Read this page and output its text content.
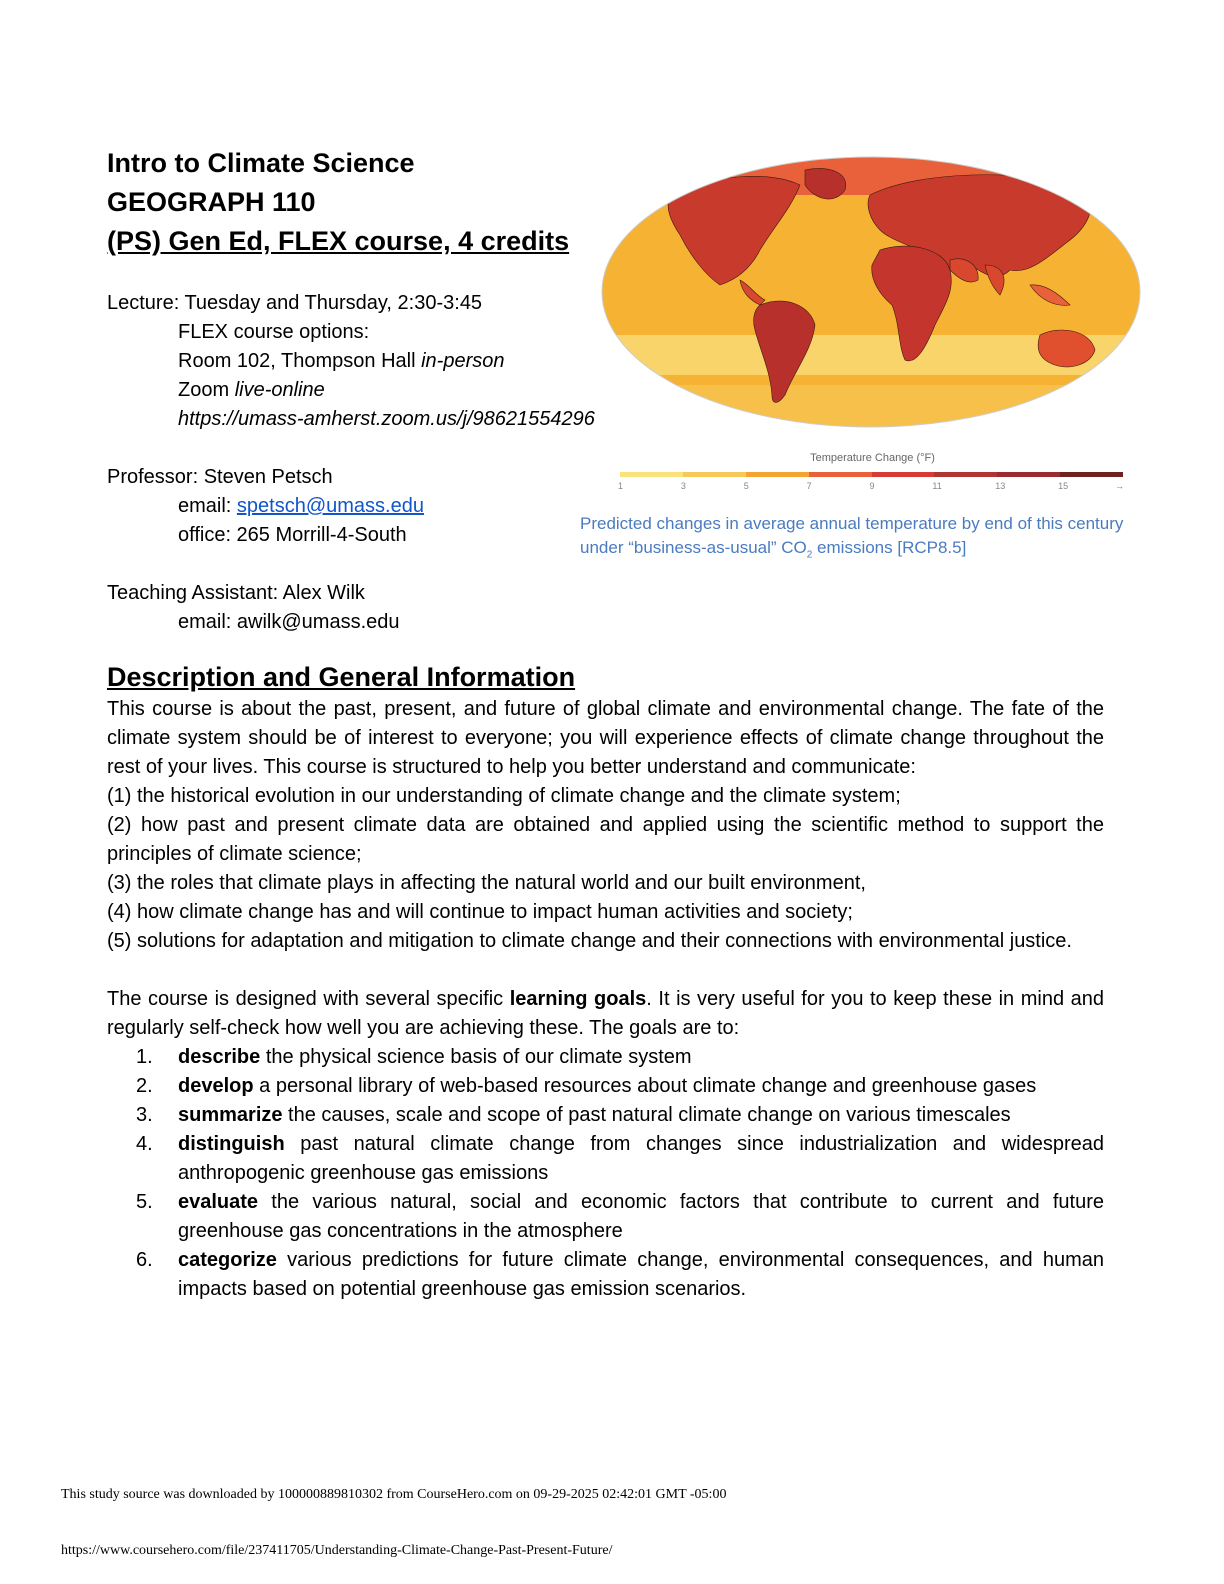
Intro to Climate Science
GEOGRAPH 110
(PS) Gen Ed, FLEX course, 4 credits
Lecture: Tuesday and Thursday, 2:30-3:45
FLEX course options:
Room 102, Thompson Hall in-person
Zoom live-online
https://umass-amherst.zoom.us/j/98621554296
Professor: Steven Petsch
email: spetsch@umass.edu
office: 265 Morrill-4-South
Teaching Assistant: Alex Wilk
email: awilk@umass.edu
Temperature Change (°F)
1	3	5	7	9	11	13	15	→
Predicted changes in average annual temperature by end of this century
under “business-as-usual” $CO_2$ emissions [RCP8.5]
Description and General Information
This course is about the past, present, and future of global climate and environmental change. The fate of the climate system should be of interest to everyone; you will experience effects of climate change throughout the rest of your lives. This course is structured to help you better understand and communicate:
(1) the historical evolution in our understanding of climate change and the climate system;
(2) how past and present climate data are obtained and applied using the scientific method to support the principles of climate science;
(3) the roles that climate plays in affecting the natural world and our built environment,
(4) how climate change has and will continue to impact human activities and society;
(5) solutions for adaptation and mitigation to climate change and their connections with environmental justice.
The course is designed with several specific learning goals. It is very useful for you to keep these in mind and regularly self-check how well you are achieving these. The goals are to:
1.	describe the physical science basis of our climate system
2.	develop a personal library of web-based resources about climate change and greenhouse gases
3.	summarize the causes, scale and scope of past natural climate change on various timescales
4.	distinguish past natural climate change from changes since industrialization and widespread anthropogenic greenhouse gas emissions
5.	evaluate the various natural, social and economic factors that contribute to current and future greenhouse gas concentrations in the atmosphere
6.	categorize various predictions for future climate change, environmental consequences, and human impacts based on potential greenhouse gas emission scenarios.
This study source was downloaded by 100000889810302 from CourseHero.com on 09-29-2025 02:42:01 GMT -05:00
https://www.coursehero.com/file/237411705/Understanding-Climate-Change-Past-Present-Future/
